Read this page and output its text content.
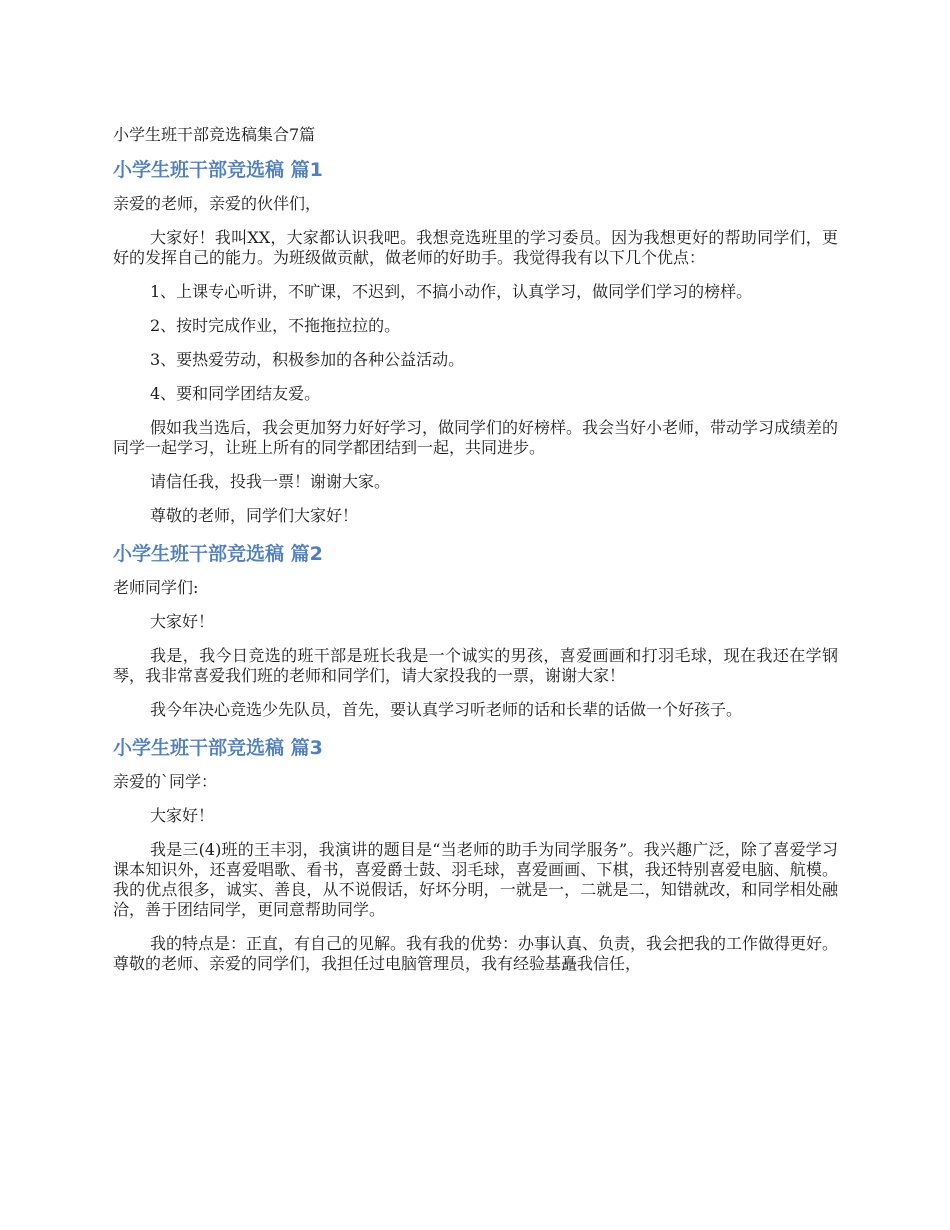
小学生班干部竞选稿集合7篇
小学生班干部竞选稿 篇1

亲爱的老师，亲爱的伙伴们，

大家好！我叫XX，大家都认识我吧。我想竞选班里的学习委员。因为我想更好的帮助同学们，更好的发挥自己的能力。为班级做贡献，做老师的好助手。我觉得我有以下几个优点：

1、上课专心听讲，不旷课，不迟到，不搞小动作，认真学习，做同学们学习的榜样。

2、按时完成作业，不拖拖拉拉的。

3、要热爱劳动，积极参加的各种公益活动。

4、要和同学团结友爱。

假如我当选后，我会更加努力好好学习，做同学们的好榜样。我会当好小老师，带动学习成绩差的同学一起学习，让班上所有的同学都团结到一起，共同进步。

请信任我，投我一票！谢谢大家。

尊敬的老师，同学们大家好！

小学生班干部竞选稿 篇2

老师同学们:

大家好！

我是，我今日竞选的班干部是班长我是一个诚实的男孩，喜爱画画和打羽毛球，现在我还在学钢琴，我非常喜爱我们班的老师和同学们，请大家投我的一票，谢谢大家！

我今年决心竞选少先队员，首先，要认真学习听老师的话和长辈的话做一个好孩子。

小学生班干部竞选稿 篇3

亲爱的`同学：

大家好！

我是三(4)班的王丰羽，我演讲的题目是“当老师的助手为同学服务”。我兴趣广泛，除了喜爱学习课本知识外，还喜爱唱歌、看书，喜爱爵士鼓、羽毛球，喜爱画画、下棋，我还特别喜爱电脑、航模。我的优点很多，诚实、善良，从不说假话，好坏分明，一就是一，二就是二，知错就改，和同学相处融洽，善于团结同学，更同意帮助同学。

我的特点是：正直，有自己的见解。我有我的优势：办事认真、负责，我会把我的工作做得更好。尊敬的老师、亲爱的同学们，我担任过电脑管理员，我有经验基矗我信任，
